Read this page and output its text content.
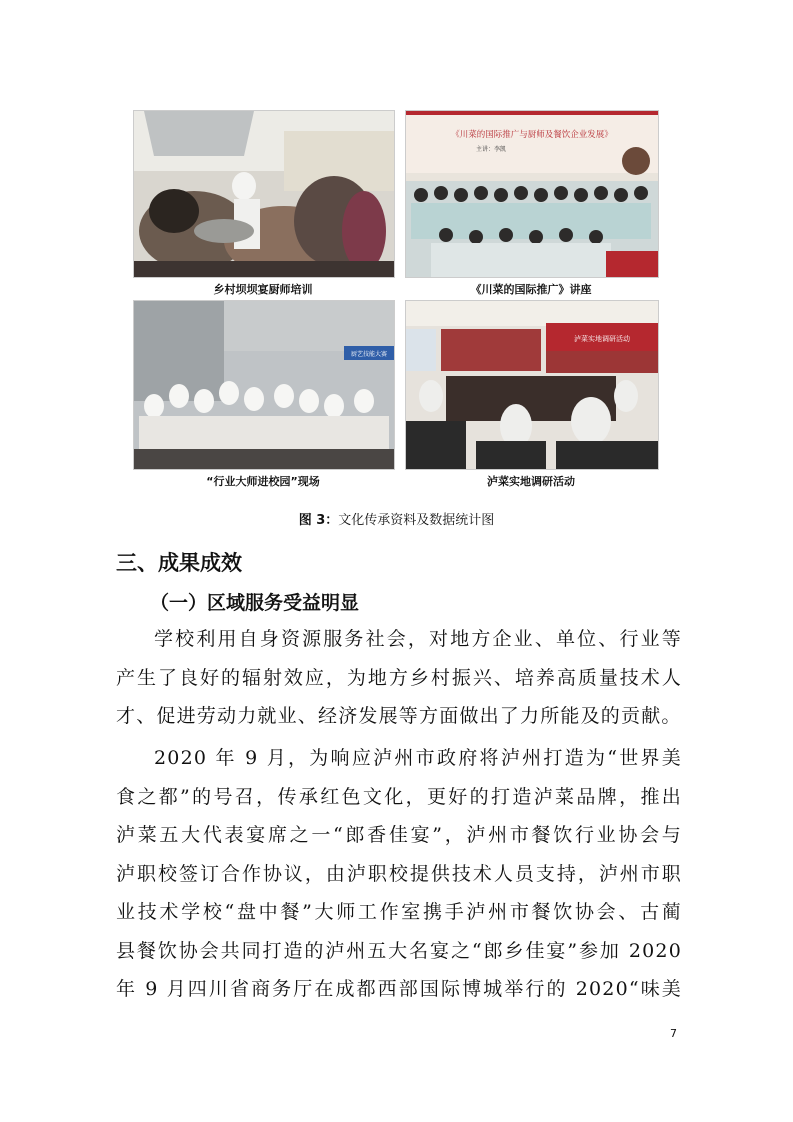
乡村坝坝宴厨师培训
《川菜的国际推广与厨师及餐饮企业发展》
主讲：李凯
《川菜的国际推广》讲座
厨艺技能大赛
“行业大师进校园”现场
泸菜实地调研活动
泸菜实地调研活动
图 3：文化传承资料及数据统计图
三、成果成效
（一）区域服务受益明显
学校利用自身资源服务社会，对地方企业、单位、行业等
产生了良好的辐射效应，为地方乡村振兴、培养高质量技术人
才、促进劳动力就业、经济发展等方面做出了力所能及的贡献。
2020 年 9 月，为响应泸州市政府将泸州打造为“世界美
食之都”的号召，传承红色文化，更好的打造泸菜品牌，推出
泸菜五大代表宴席之一“郎香佳宴”，泸州市餐饮行业协会与
泸职校签订合作协议，由泸职校提供技术人员支持，泸州市职
业技术学校“盘中餐”大师工作室携手泸州市餐饮协会、古蔺
县餐饮协会共同打造的泸州五大名宴之“郎乡佳宴”参加 2020
年 9 月四川省商务厅在成都西部国际博城举行的 2020“味美
7
